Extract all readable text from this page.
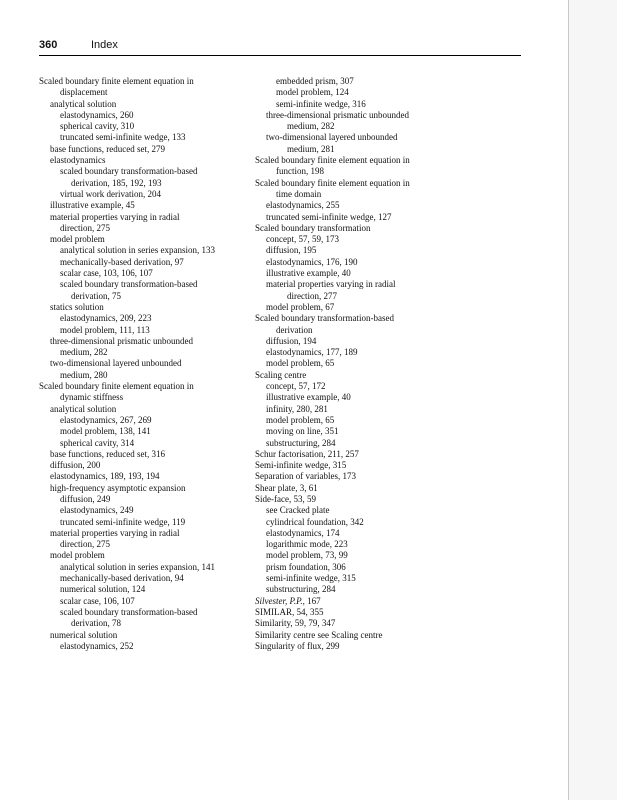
360	Index
Scaled boundary finite element equation in
displacement
analytical solution
elastodynamics, 260
spherical cavity, 310
truncated semi-infinite wedge, 133
base functions, reduced set, 279
elastodynamics
scaled boundary transformation-based
derivation, 185, 192, 193
virtual work derivation, 204
illustrative example, 45
material properties varying in radial
direction, 275
model problem
analytical solution in series expansion, 133
mechanically-based derivation, 97
scalar case, 103, 106, 107
scaled boundary transformation-based
derivation, 75
statics solution
elastodynamics, 209, 223
model problem, 111, 113
three-dimensional prismatic unbounded
medium, 282
two-dimensional layered unbounded
medium, 280
Scaled boundary finite element equation in
dynamic stiffness
analytical solution
elastodynamics, 267, 269
model problem, 138, 141
spherical cavity, 314
base functions, reduced set, 316
diffusion, 200
elastodynamics, 189, 193, 194
high-frequency asymptotic expansion
diffusion, 249
elastodynamics, 249
truncated semi-infinite wedge, 119
material properties varying in radial
direction, 275
model problem
analytical solution in series expansion, 141
mechanically-based derivation, 94
numerical solution, 124
scalar case, 106, 107
scaled boundary transformation-based
derivation, 78
numerical solution
elastodynamics, 252
embedded prism, 307
model problem, 124
semi-infinite wedge, 316
three-dimensional prismatic unbounded
medium, 282
two-dimensional layered unbounded
medium, 281
Scaled boundary finite element equation in
function, 198
Scaled boundary finite element equation in
time domain
elastodynamics, 255
truncated semi-infinite wedge, 127
Scaled boundary transformation
concept, 57, 59, 173
diffusion, 195
elastodynamics, 176, 190
illustrative example, 40
material properties varying in radial
direction, 277
model problem, 67
Scaled boundary transformation-based
derivation
diffusion, 194
elastodynamics, 177, 189
model problem, 65
Scaling centre
concept, 57, 172
illustrative example, 40
infinity, 280, 281
model problem, 65
moving on line, 351
substructuring, 284
Schur factorisation, 211, 257
Semi-infinite wedge, 315
Separation of variables, 173
Shear plate, 3, 61
Side-face, 53, 59
see Cracked plate
cylindrical foundation, 342
elastodynamics, 174
logarithmic mode, 223
model problem, 73, 99
prism foundation, 306
semi-infinite wedge, 315
substructuring, 284
Silvester, P.P., 167
SIMILAR, 54, 355
Similarity, 59, 79, 347
Similarity centre see Scaling centre
Singularity of flux, 299
